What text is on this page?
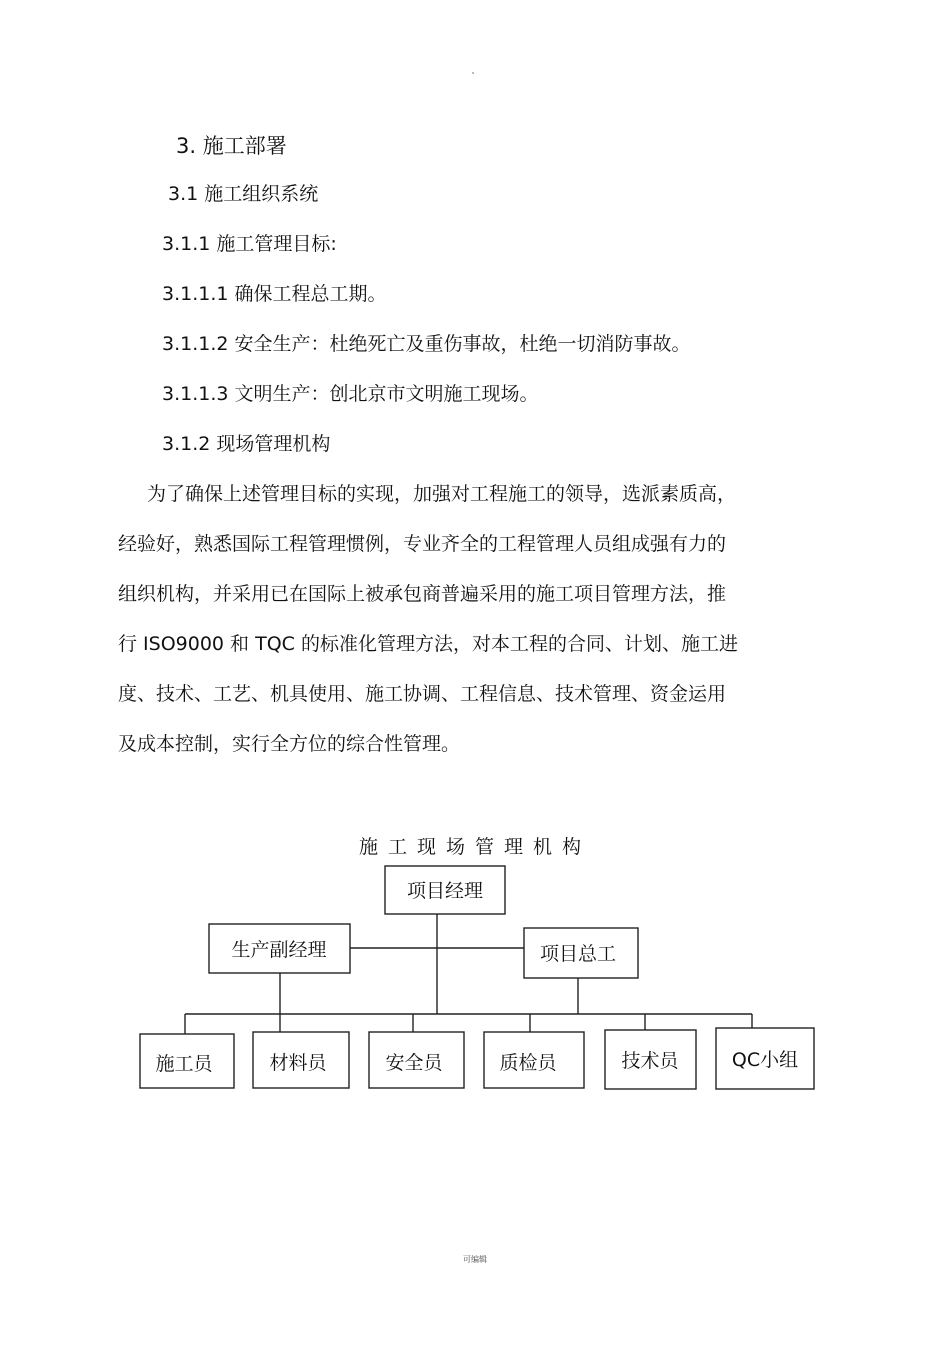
3. 施工部署
3.1 施工组织系统
3.1.1 施工管理目标:
3.1.1.1 确保工程总工期。
3.1.1.2 安全生产：杜绝死亡及重伤事故，杜绝一切消防事故。
3.1.1.3 文明生产：创北京市文明施工现场。
3.1.2 现场管理机构

　为了确保上述管理目标的实现，加强对工程施工的领导，选派素质高，

经验好，熟悉国际工程管理惯例，专业齐全的工程管理人员组成强有力的

组织机构，并采用已在国际上被承包商普遍采用的施工项目管理方法，推

行 ISO9000 和 TQC 的标准化管理方法，对本工程的合同、计划、施工进

度、技术、工艺、机具使用、施工协调、工程信息、技术管理、资金运用

及成本控制，实行全方位的综合性管理。

施工现场管理机构
项目经理
生产副经理	项目总工
施工员	材料员	安全员	质检员	技术员	QC小组
可编辑
